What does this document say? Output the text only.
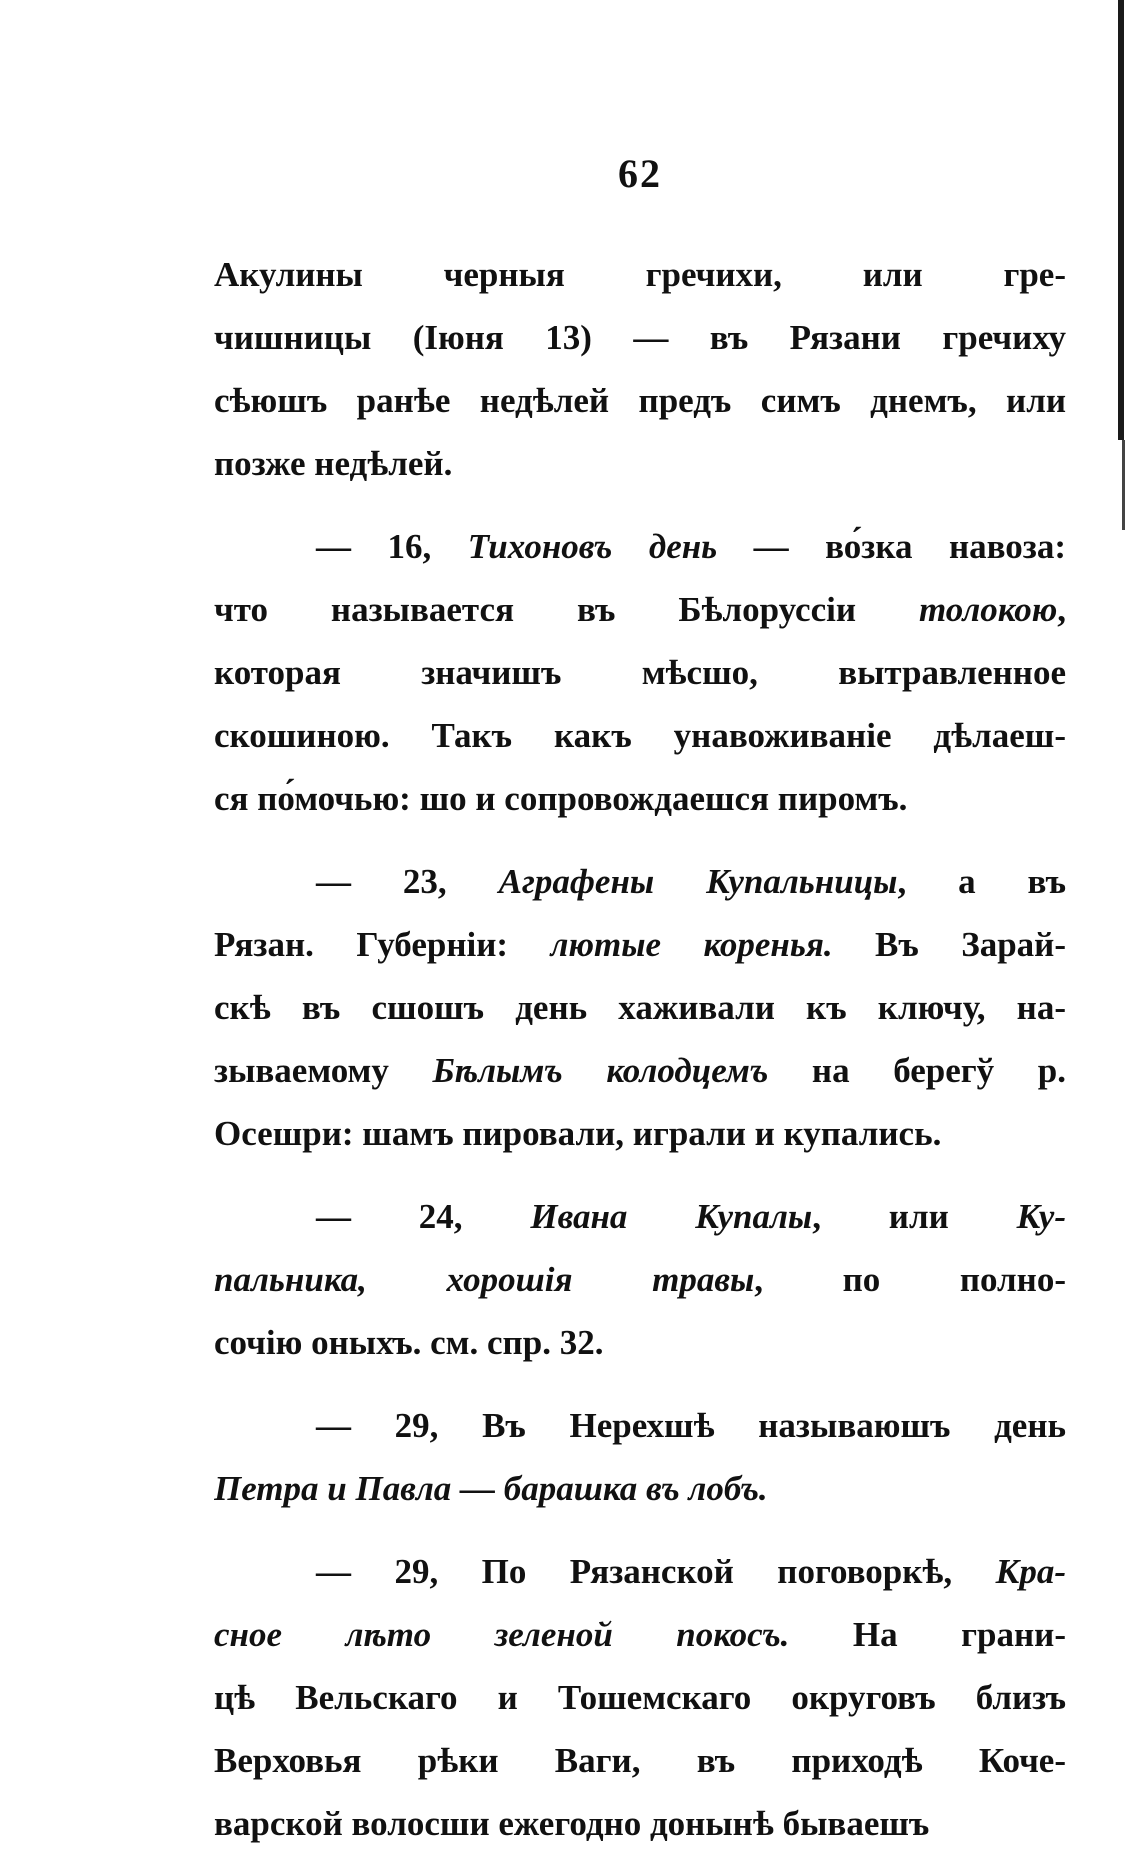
62
Акулины черныя гречихи, или гре-
чишницы (Іюня 13) — въ Рязани гречиху
сѣюшъ ранѣе недѣлей предъ симъ днемъ, или
позже недѣлей.
— 16, Тихоновъ день — во́зка навоза:
что называется въ Бѣлоруссіи толокою,
которая значишъ мѣсшо, вытравленное
скошиною. Такъ какъ унавоживаніе дѣлаеш-
ся по́мочью: шо и сопровождаешся пиромъ.
— 23, Аграфены Купальницы, а въ
Рязан. Губерніи: лютые коренья. Въ Зарай-
скѣ въ сшошъ день хаживали къ ключу, на-
зываемому Бѣлымъ колодцемъ на берегў р.
Осешри: шамъ пировали, играли и купались.
— 24, Ивана Купалы, или Ку-
пальника, хорошія травы, по полно-
сочію оныхъ. см. спр. 32.
— 29, Въ Нерехшѣ называюшъ день
Петра и Павла — барашка въ лобъ.
— 29, По Рязанской поговоркѣ, Кра-
сное лѣто зеленой покосъ. На грани-
цѣ Вельскаго и Тошемскаго округовъ близъ
Верховья рѣки Ваги, въ приходѣ Коче-
варской волосши ежегодно донынѣ бываешъ
